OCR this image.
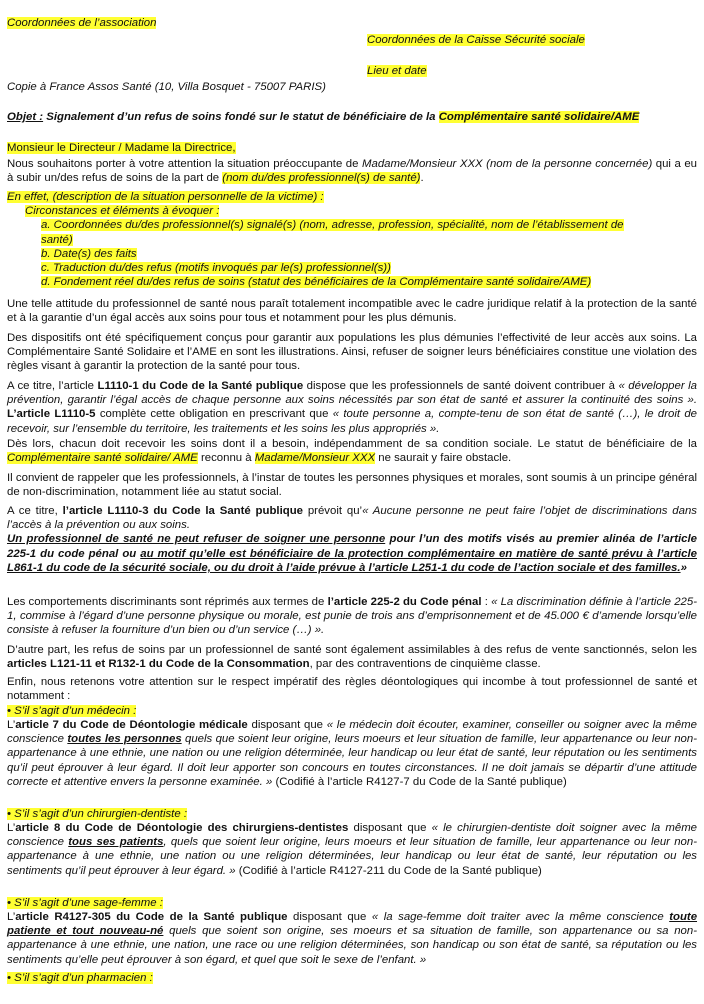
Coordonnées de l’association
Coordonnées de la Caisse Sécurité sociale
Lieu et date
Copie à France Assos Santé (10, Villa Bosquet - 75007 PARIS)
Objet : Signalement d’un refus de soins fondé sur le statut de bénéficiaire de la Complémentaire santé solidaire/AME
Monsieur le Directeur / Madame la Directrice,
Nous souhaitons porter à votre attention la situation préoccupante de Madame/Monsieur XXX (nom de la personne concernée) qui a eu à subir un/des refus de soins de la part de (nom du/des professionnel(s) de santé).
En effet, (description de la situation personnelle de la victime) :
Circonstances et éléments à évoquer :
a. Coordonnées du/des professionnel(s) signalé(s) (nom, adresse, profession, spécialité, nom de l’établissement de
santé)
b. Date(s) des faits
c. Traduction du/des refus (motifs invoqués par le(s) professionnel(s))
d. Fondement réel du/des refus de soins (statut des bénéficiaires de la Complémentaire santé solidaire/AME)
Une telle attitude du professionnel de santé nous paraît totalement incompatible avec le cadre juridique relatif à la protection de la santé et à la garantie d’un égal accès aux soins pour tous et notamment pour les plus démunis.
Des dispositifs ont été spécifiquement conçus pour garantir aux populations les plus démunies l’effectivité de leur accès aux soins. La Complémentaire Santé Solidaire et l’AME en sont les illustrations. Ainsi, refuser de soigner leurs bénéficiaires constitue une violation des règles visant à garantir la protection de la santé pour tous.
A ce titre, l’article L1110-1 du Code de la Santé publique dispose que les professionnels de santé doivent contribuer à « développer la prévention, garantir l’égal accès de chaque personne aux soins nécessités par son état de santé et assurer la continuité des soins ». L’article L1110-5 complète cette obligation en prescrivant que « toute personne a, compte-tenu de son état de santé (…), le droit de recevoir, sur l’ensemble du territoire, les traitements et les soins les plus appropriés ».
Dès lors, chacun doit recevoir les soins dont il a besoin, indépendamment de sa condition sociale. Le statut de bénéficiaire de la Complémentaire santé solidaire/ AME reconnu à Madame/Monsieur XXX ne saurait y faire obstacle.
Il convient de rappeler que les professionnels, à l’instar de toutes les personnes physiques et morales, sont soumis à un principe général de non-discrimination, notamment liée au statut social.
A ce titre, l’article L1110-3 du Code la Santé publique prévoit qu’« Aucune personne ne peut faire l’objet de discriminations dans l’accès à la prévention ou aux soins.
Un professionnel de santé ne peut refuser de soigner une personne pour l’un des motifs visés au premier alinéa de l’article 225-1 du code pénal ou au motif qu’elle est bénéficiaire de la protection complémentaire en matière de santé prévu à l’article L861-1 du code de la sécurité sociale, ou du droit à l’aide prévue à l’article L251-1 du code de l’action sociale et des familles.»
Les comportements discriminants sont réprimés aux termes de l’article 225-2 du Code pénal : « La discrimination définie à l’article 225-1, commise à l’égard d’une personne physique ou morale, est punie de trois ans d’emprisonnement et de 45.000 € d’amende lorsqu’elle consiste à refuser la fourniture d’un bien ou d’un service (…) ».
D’autre part, les refus de soins par un professionnel de santé sont également assimilables à des refus de vente sanctionnés, selon les articles L121-11 et R132-1 du Code de la Consommation, par des contraventions de cinquième classe.
Enfin, nous retenons votre attention sur le respect impératif des règles déontologiques qui incombe à tout professionnel de santé et notamment :
• S’il s’agit d’un médecin :
L’article 7 du Code de Déontologie médicale disposant que « le médecin doit écouter, examiner, conseiller ou soigner avec la même conscience toutes les personnes quels que soient leur origine, leurs moeurs et leur situation de famille, leur appartenance ou leur non-appartenance à une ethnie, une nation ou une religion déterminée, leur handicap ou leur état de santé, leur réputation ou les sentiments qu’il peut éprouver à leur égard. Il doit leur apporter son concours en toutes circonstances. Il ne doit jamais se départir d’une attitude correcte et attentive envers la personne examinée. » (Codifié à l’article R4127-7 du Code de la Santé publique)
• S’il s’agit d’un chirurgien-dentiste :
L’article 8 du Code de Déontologie des chirurgiens-dentistes disposant que « le chirurgien-dentiste doit soigner avec la même conscience tous ses patients, quels que soient leur origine, leurs moeurs et leur situation de famille, leur appartenance ou leur non-appartenance à une ethnie, une nation ou une religion déterminées, leur handicap ou leur état de santé, leur réputation ou les sentiments qu’il peut éprouver à leur égard. » (Codifié à l’article R4127-211 du Code de la Santé publique)
• S’il s’agit d’une sage-femme :
L’article R4127-305 du Code de la Santé publique disposant que « la sage-femme doit traiter avec la même conscience toute patiente et tout nouveau-né quels que soient son origine, ses moeurs et sa situation de famille, son appartenance ou sa non-appartenance à une ethnie, une nation, une race ou une religion déterminées, son handicap ou son état de santé, sa réputation ou les sentiments qu’elle peut éprouver à son égard, et quel que soit le sexe de l’enfant. »
• S’il s’agit d’un pharmacien :
